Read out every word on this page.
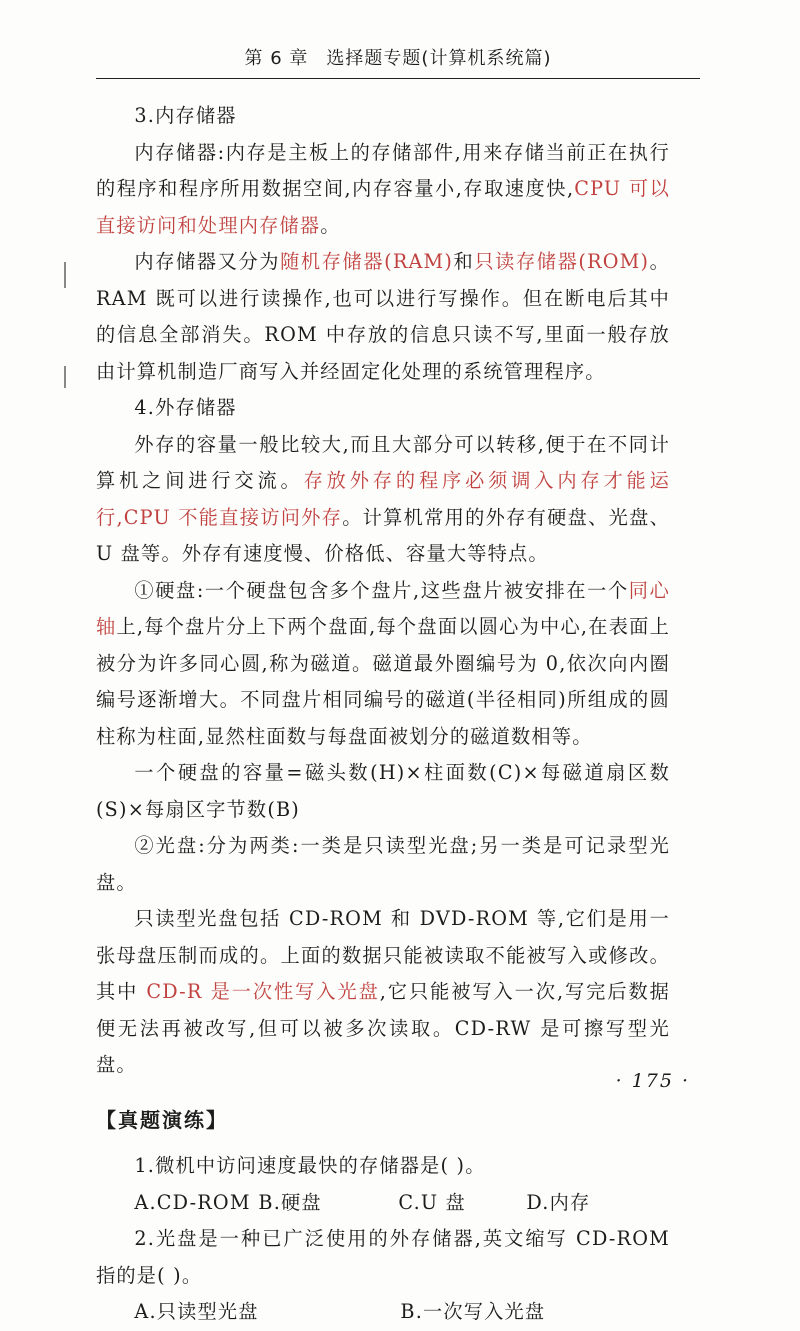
第 6 章 选择题专题(计算机系统篇)

3.内存储器

内存储器:内存是主板上的存储部件,用来存储当前正在执行的程序和程序所用数据空间,内存容量小,存取速度快,CPU 可以直接访问和处理内存储器。

内存储器又分为随机存储器(RAM)和只读存储器(ROM)。RAM 既可以进行读操作,也可以进行写操作。但在断电后其中的信息全部消失。ROM 中存放的信息只读不写,里面一般存放由计算机制造厂商写入并经固定化处理的系统管理程序。

4.外存储器

外存的容量一般比较大,而且大部分可以转移,便于在不同计算机之间进行交流。存放外存的程序必须调入内存才能运行,CPU 不能直接访问外存。计算机常用的外存有硬盘、光盘、U 盘等。外存有速度慢、价格低、容量大等特点。

①硬盘:一个硬盘包含多个盘片,这些盘片被安排在一个同心轴上,每个盘片分上下两个盘面,每个盘面以圆心为中心,在表面上被分为许多同心圆,称为磁道。磁道最外圈编号为 0,依次向内圈编号逐渐增大。不同盘片相同编号的磁道(半径相同)所组成的圆柱称为柱面,显然柱面数与每盘面被划分的磁道数相等。

一个硬盘的容量=磁头数(H)×柱面数(C)×每磁道扇区数(S)×每扇区字节数(B)

②光盘:分为两类:一类是只读型光盘;另一类是可记录型光盘。

只读型光盘包括 CD-ROM 和 DVD-ROM 等,它们是用一张母盘压制而成的。上面的数据只能被读取不能被写入或修改。其中 CD-R 是一次性写入光盘,它只能被写入一次,写完后数据便无法再被改写,但可以被多次读取。CD-RW 是可擦写型光盘。

【真题演练】

1.微机中访问速度最快的存储器是( )。

A.CD-ROM B.硬盘	C.U 盘	D.内存

2.光盘是一种已广泛使用的外存储器,英文缩写 CD-ROM 指的是( )。

A.只读型光盘	B.一次写入光盘

· 175 ·
